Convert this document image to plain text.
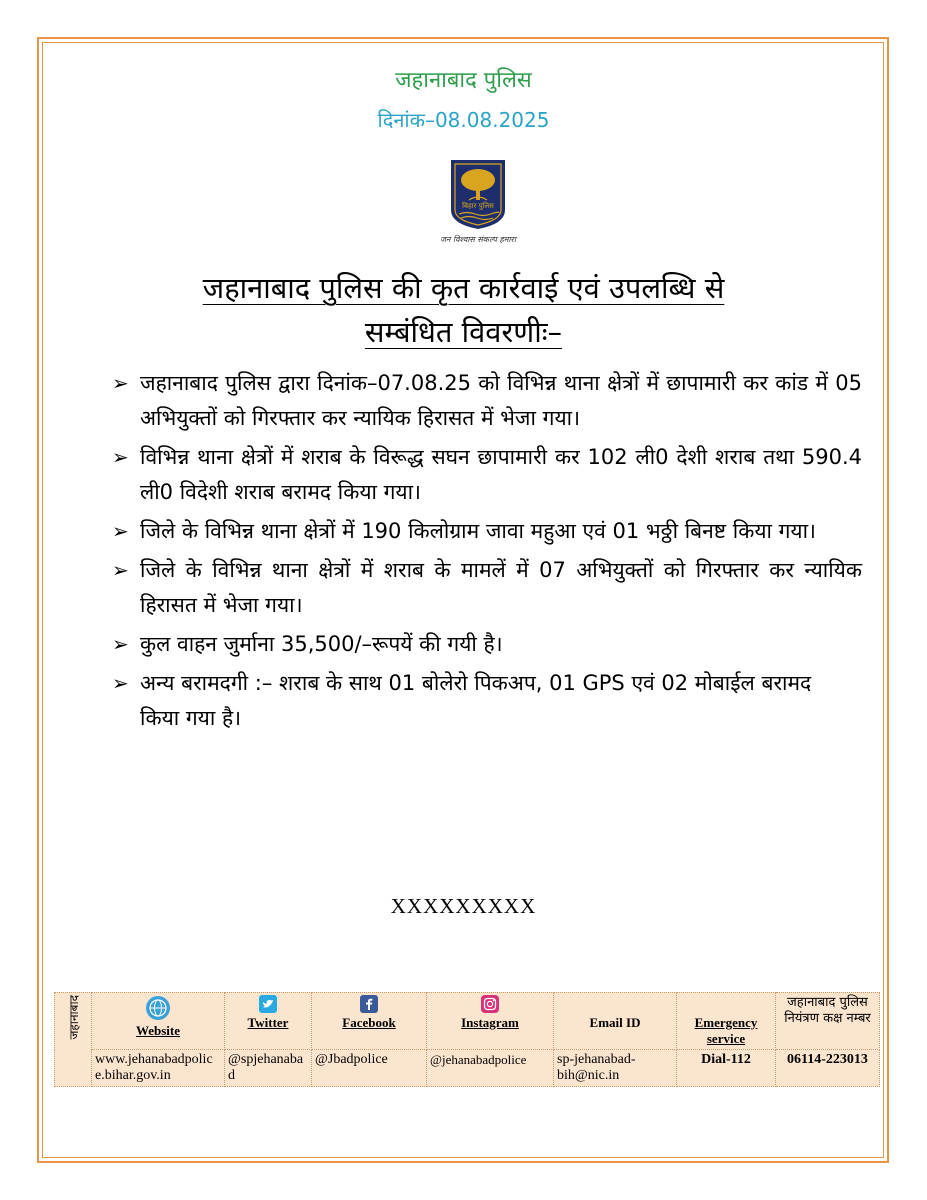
जहानाबाद पुलिस
दिनांक–08.08.2025
बिहार पुलिस
जन विश्वास संकल्प हमारा
जहानाबाद पुलिस की कृत कार्रवाई एवं उपलब्धि से
सम्बंधित विवरणीः–
➢ जहानाबाद पुलिस द्वारा दिनांक–07.08.25 को विभिन्न थाना क्षेत्रों में छापामारी कर कांड में 05 अभियुक्तों को गिरफ्तार कर न्यायिक हिरासत में भेजा गया।
➢ विभिन्न थाना क्षेत्रों में शराब के विरूद्ध सघन छापामारी कर 102 ली0 देशी शराब तथा 590.4 ली0 विदेशी शराब बरामद किया गया।
➢ जिले के विभिन्न थाना क्षेत्रों में 190 किलोग्राम जावा महुआ एवं 01 भठ्ठी बिनष्ट किया गया।
➢ जिले के विभिन्न थाना क्षेत्रों में शराब के मामलें में 07 अभियुक्तों को गिरफ्तार कर न्यायिक हिरासत में भेजा गया।
➢ कुल वाहन जुर्माना 35,500/–रूपयें की गयी है।
➢ अन्य बरामदगी :– शराब के साथ 01 बोलेरो पिकअप, 01 GPS एवं 02 मोबाईल बरामद किया गया है।
XXXXXXXXX
जहानाबाद	Website	Twitter	Facebook	Instagram	Email ID	Emergency service	जहानाबाद पुलिस नियंत्रण कक्ष नम्बर
	www.jehanabadpolice.bihar.gov.in	@spjehanabad	@Jbadpolice	@jehanabadpolice	sp-jehanabad-bih@nic.in	Dial-112	06114-223013
